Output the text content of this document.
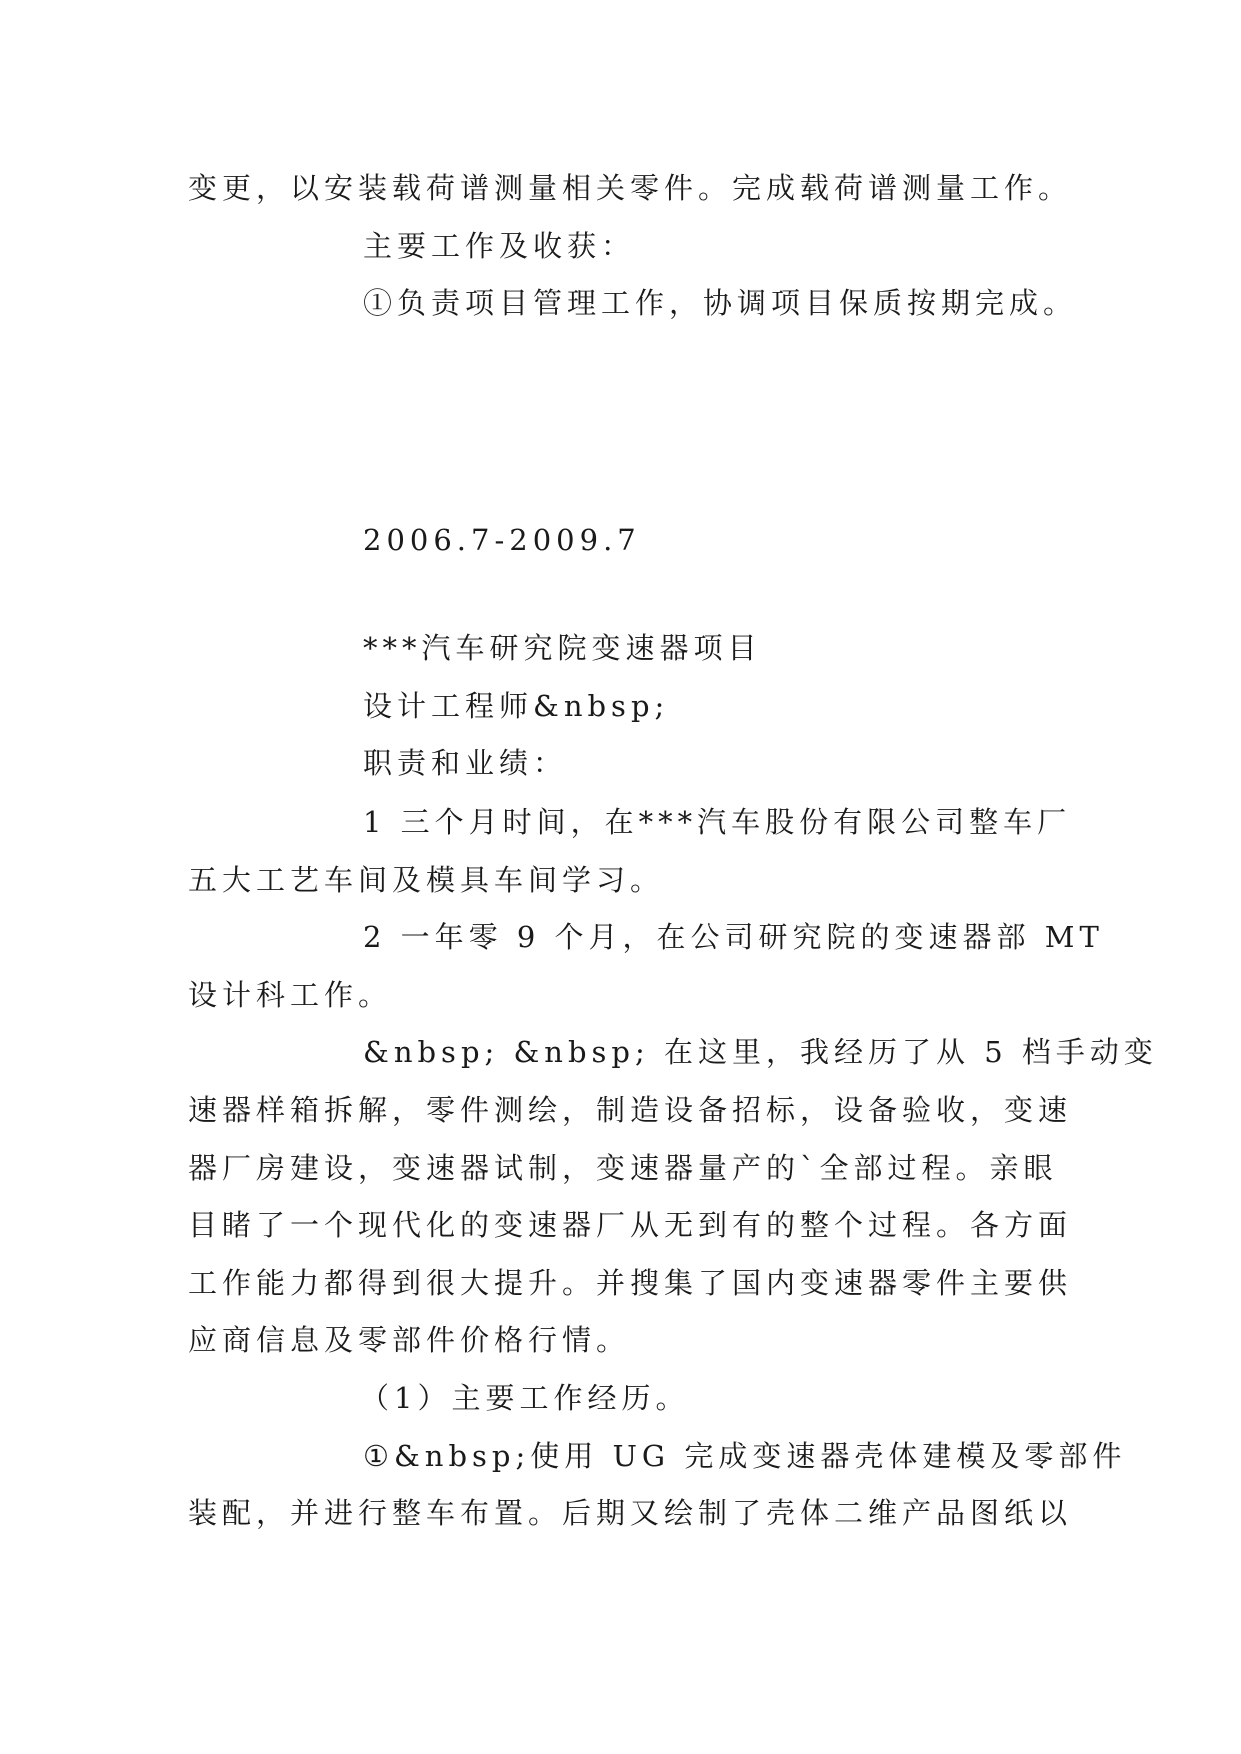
变更，以安装载荷谱测量相关零件。完成载荷谱测量工作。
主要工作及收获：
①负责项目管理工作，协调项目保质按期完成。
2006.7-2009.7
***汽车研究院变速器项目
设计工程师&nbsp;
职责和业绩：
1 三个月时间，在***汽车股份有限公司整车厂
五大工艺车间及模具车间学习。
2 一年零 9 个月，在公司研究院的变速器部 MT
设计科工作。
&nbsp; &nbsp; 在这里，我经历了从 5 档手动变
速器样箱拆解，零件测绘，制造设备招标，设备验收，变速
器厂房建设，变速器试制，变速器量产的`全部过程。亲眼
目睹了一个现代化的变速器厂从无到有的整个过程。各方面
工作能力都得到很大提升。并搜集了国内变速器零件主要供
应商信息及零部件价格行情。
（1）主要工作经历。
①&nbsp;使用 UG 完成变速器壳体建模及零部件
装配，并进行整车布置。后期又绘制了壳体二维产品图纸以
